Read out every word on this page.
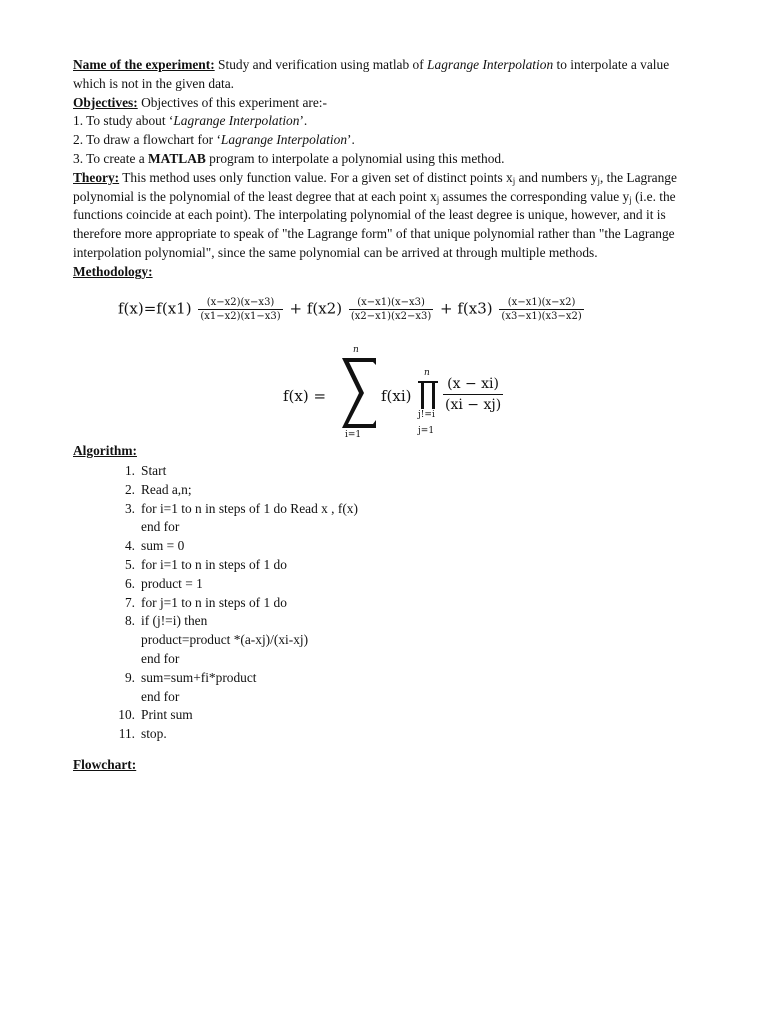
Name of the experiment: Study and verification using matlab of Lagrange Interpolation to interpolate a value
which is not in the given data.
Objectives: Objectives of this experiment are:-
1. To study about ‘Lagrange Interpolation’.
2. To draw a flowchart for ‘Lagrange Interpolation’.
3. To create a MATLAB program to interpolate a polynomial using this method.
Theory: This method uses only function value. For a given set of distinct points $x_j$ and numbers $y_j$, the Lagrange
polynomial is the polynomial of the least degree that at each point $x_j$ assumes the corresponding value $y_j$ (i.e. the
functions coincide at each point). The interpolating polynomial of the least degree is unique, however, and it is
therefore more appropriate to speak of "the Lagrange form" of that unique polynomial rather than "the Lagrange
interpolation polynomial", since the same polynomial can be arrived at through multiple methods.
Methodology:
$f(x)=f(x1) \frac{(x-x2)(x-x3)}{(x1-x2)(x1-x3)} + f(x2) \frac{(x-x1)(x-x3)}{(x2-x1)(x2-x3)} + f(x3) \frac{(x-x1)(x-x2)}{(x3-x1)(x3-x2)}$
f(x) =
n
i=1
f(xi)
n
j!=i
j=1
(x − xi)
(xi − xj)
Algorithm:
1. Start
2. Read a,n;
3. for i=1 to n in steps of 1 do Read x , f(x)
end for
4. sum = 0
5. for i=1 to n in steps of 1 do
6. product = 1
7. for j=1 to n in steps of 1 do
8. if (j!=i) then
product=product *(a-xj)/(xi-xj)
end for
9. sum=sum+fi*product
end for
10. Print sum
11. stop.
Flowchart:
